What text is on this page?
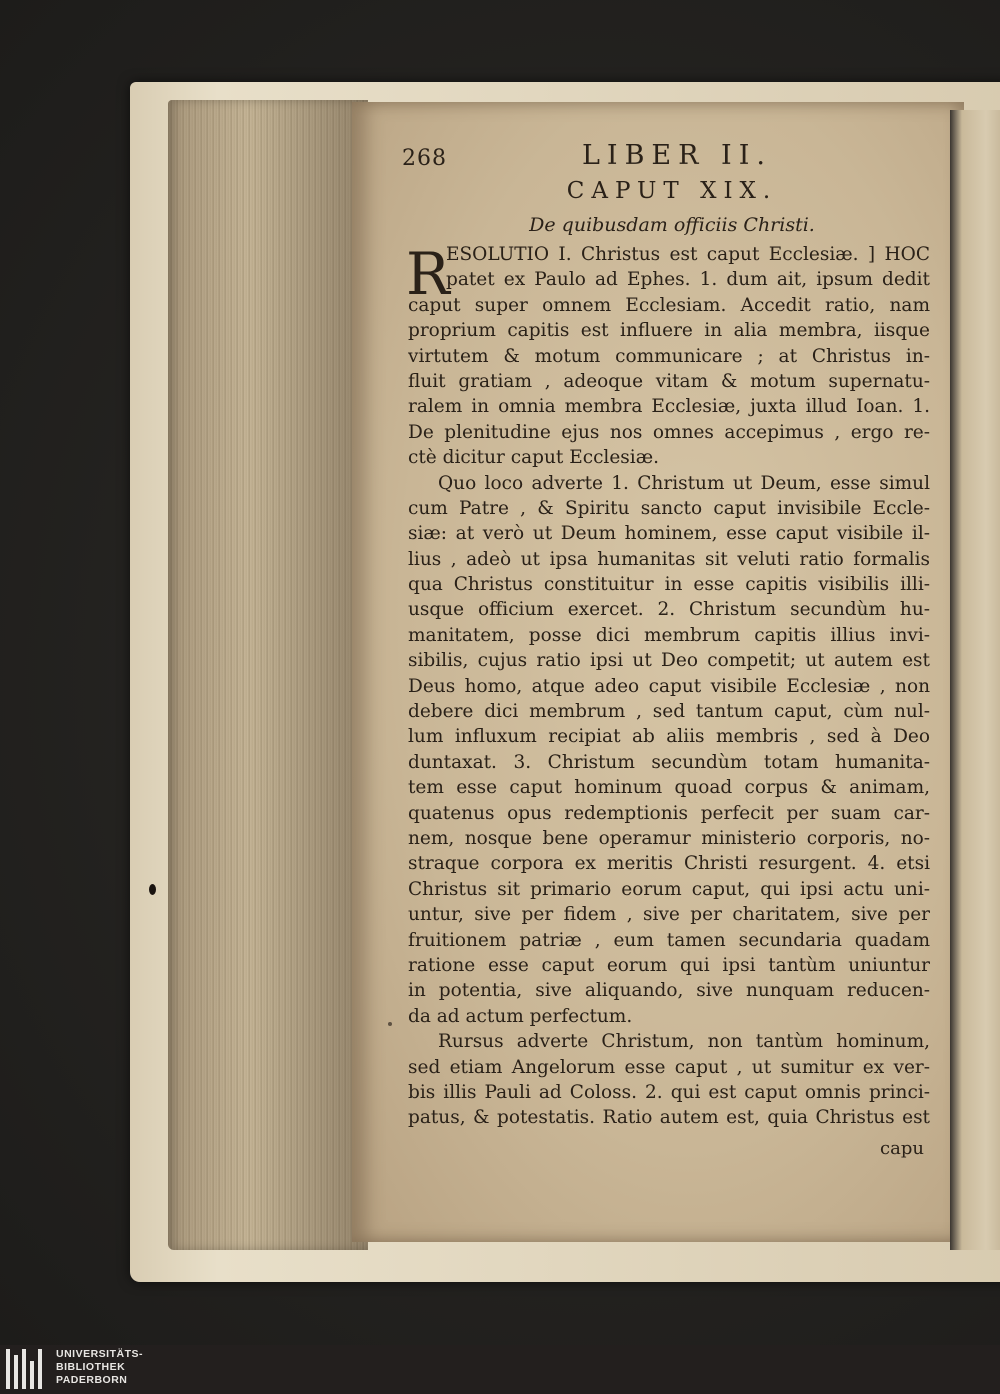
268	LIBER II.
CAPUT XIX.
De quibusdam officiis Christi.
R
ESOLUTIO I. Christus est caput Ecclesiæ. ] HOC
patet ex Paulo ad Ephes. 1. dum ait, ipsum dedit
caput super omnem Ecclesiam. Accedit ratio, nam
proprium capitis est influere in alia membra, iisque
virtutem & motum communicare ; at Christus in-
fluit gratiam , adeoque vitam & motum supernatu-
ralem in omnia membra Ecclesiæ, juxta illud Ioan. 1.
De plenitudine ejus nos omnes accepimus , ergo re-
ctè dicitur caput Ecclesiæ.
Quo loco adverte 1. Christum ut Deum, esse simul
cum Patre , & Spiritu sancto caput invisibile Eccle-
siæ: at verò ut Deum hominem, esse caput visibile il-
lius , adeò ut ipsa humanitas sit veluti ratio formalis
qua Christus constituitur in esse capitis visibilis illi-
usque officium exercet. 2. Christum secundùm hu-
manitatem, posse dici membrum capitis illius invi-
sibilis, cujus ratio ipsi ut Deo competit; ut autem est
Deus homo, atque adeo caput visibile Ecclesiæ , non
debere dici membrum , sed tantum caput, cùm nul-
lum influxum recipiat ab aliis membris , sed à Deo
duntaxat. 3. Christum secundùm totam humanita-
tem esse caput hominum quoad corpus & animam,
quatenus opus redemptionis perfecit per suam car-
nem, nosque bene operamur ministerio corporis, no-
straque corpora ex meritis Christi resurgent. 4. etsi
Christus sit primario eorum caput, qui ipsi actu uni-
untur, sive per fidem , sive per charitatem, sive per
fruitionem patriæ , eum tamen secundaria quadam
ratione esse caput eorum qui ipsi tantùm uniuntur
in potentia, sive aliquando, sive nunquam reducen-
da ad actum perfectum.
Rursus adverte Christum, non tantùm hominum,
sed etiam Angelorum esse caput , ut sumitur ex ver-
bis illis Pauli ad Coloss. 2. qui est caput omnis princi-
patus, & potestatis. Ratio autem est, quia Christus est
capu
UNIVERSITÄTS-
BIBLIOTHEK
PADERBORN
